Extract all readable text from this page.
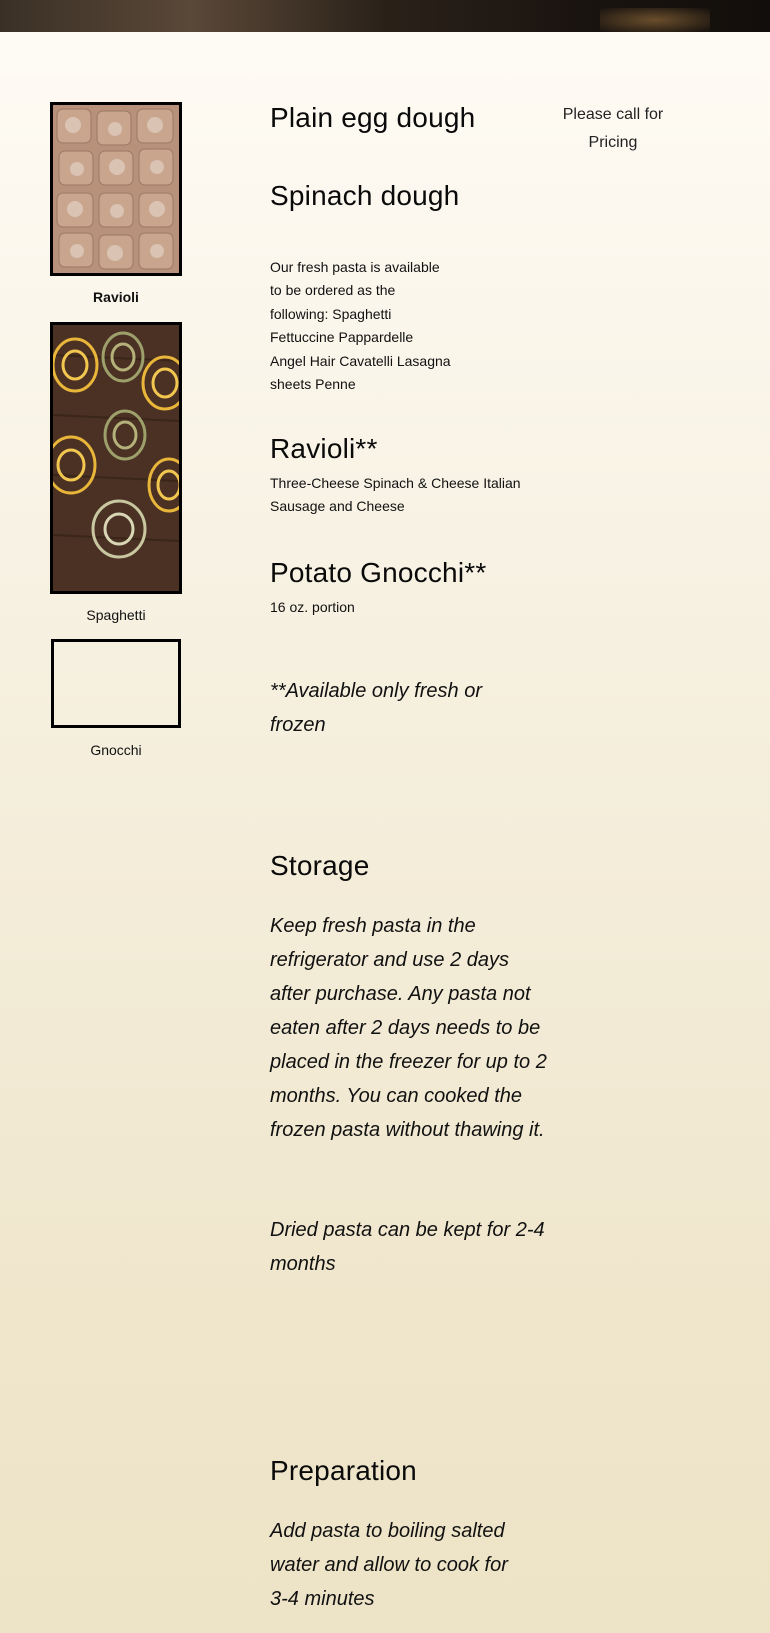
Ravioli
Spaghetti
Gnocchi
Please call for Pricing
Plain egg dough
Spinach dough

Our fresh pasta is available to be ordered as the following: Spaghetti Fettuccine Pappardelle Angel Hair Cavatelli Lasagna sheets Penne

Ravioli**

Three-Cheese Spinach & Cheese Italian Sausage and Cheese

Potato Gnocchi**

16 oz. portion

**Available only fresh or frozen

Storage

Keep fresh pasta in the refrigerator and use 2 days after purchase. Any pasta not eaten after 2 days needs to be placed in the freezer for up to 2 months. You can cooked the frozen pasta without thawing it.

Dried pasta can be kept for 2-4 months

Preparation

Add pasta to boiling salted water and allow to cook for 3-4 minutes
